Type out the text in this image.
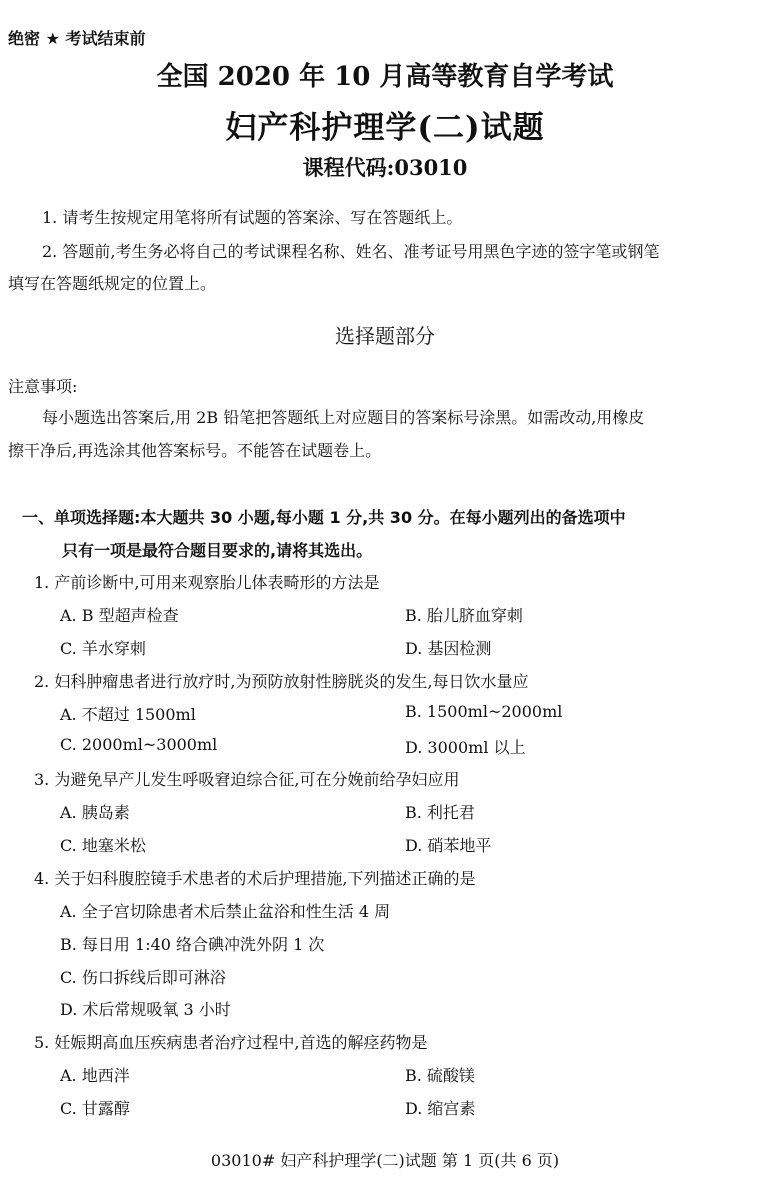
绝密 ★ 考试结束前
全国 2020 年 10 月高等教育自学考试
妇产科护理学(二)试题
课程代码:03010
1. 请考生按规定用笔将所有试题的答案涂、写在答题纸上。
2. 答题前,考生务必将自己的考试课程名称、姓名、准考证号用黑色字迹的签字笔或钢笔
填写在答题纸规定的位置上。
选择题部分
注意事项:
每小题选出答案后,用 2B 铅笔把答题纸上对应题目的答案标号涂黑。如需改动,用橡皮
擦干净后,再选涂其他答案标号。不能答在试题卷上。
一、单项选择题:本大题共 30 小题,每小题 1 分,共 30 分。在每小题列出的备选项中
只有一项是最符合题目要求的,请将其选出。
1. 产前诊断中,可用来观察胎儿体表畸形的方法是
A. B 型超声检查	B. 胎儿脐血穿刺
C. 羊水穿刺	D. 基因检测
2. 妇科肿瘤患者进行放疗时,为预防放射性膀胱炎的发生,每日饮水量应
A. 不超过 1500ml	B. 1500ml~2000ml
C. 2000ml~3000ml	D. 3000ml 以上
3. 为避免早产儿发生呼吸窘迫综合征,可在分娩前给孕妇应用
A. 胰岛素	B. 利托君
C. 地塞米松	D. 硝苯地平
4. 关于妇科腹腔镜手术患者的术后护理措施,下列描述正确的是
A. 全子宫切除患者术后禁止盆浴和性生活 4 周
B. 每日用 1:40 络合碘冲洗外阴 1 次
C. 伤口拆线后即可淋浴
D. 术后常规吸氧 3 小时
5. 妊娠期高血压疾病患者治疗过程中,首选的解痉药物是
A. 地西泮	B. 硫酸镁
C. 甘露醇	D. 缩宫素
03010# 妇产科护理学(二)试题 第 1 页(共 6 页)
